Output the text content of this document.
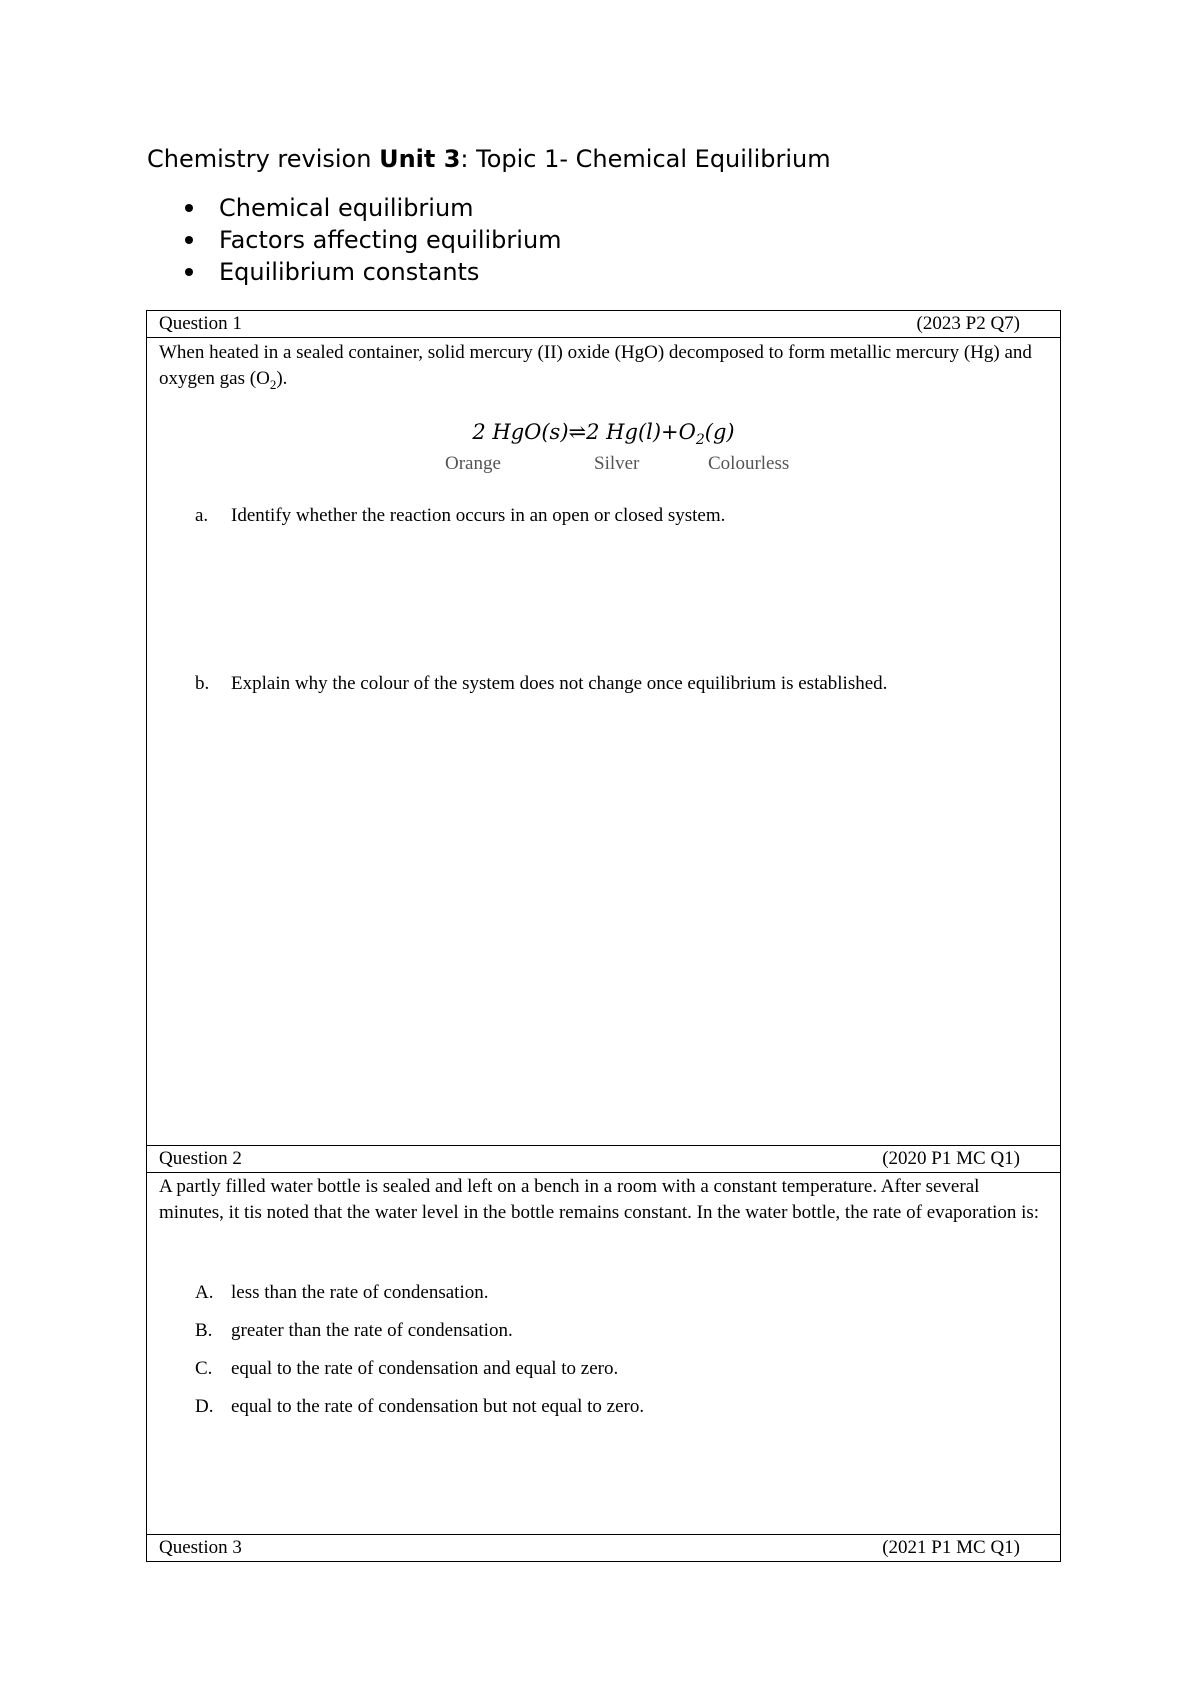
Chemistry revision Unit 3: Topic 1- Chemical Equilibrium
Chemical equilibrium
Factors affecting equilibrium
Equilibrium constants
Question 1	(2023 P2 Q7)
When heated in a sealed container, solid mercury (II) oxide (HgO) decomposed to form metallic mercury (Hg) and oxygen gas $(O_2)$.
2 HgO(s)⇌2 $Hg(l)+O_2(g)$
Orange	Silver	Colourless
a. Identify whether the reaction occurs in an open or closed system.
b. Explain why the colour of the system does not change once equilibrium is established.
Question 2	(2020 P1 MC Q1)
A partly filled water bottle is sealed and left on a bench in a room with a constant temperature. After several minutes, it tis noted that the water level in the bottle remains constant. In the water bottle, the rate of evaporation is:
A. less than the rate of condensation.
B. greater than the rate of condensation.
C. equal to the rate of condensation and equal to zero.
D. equal to the rate of condensation but not equal to zero.
Question 3	(2021 P1 MC Q1)
